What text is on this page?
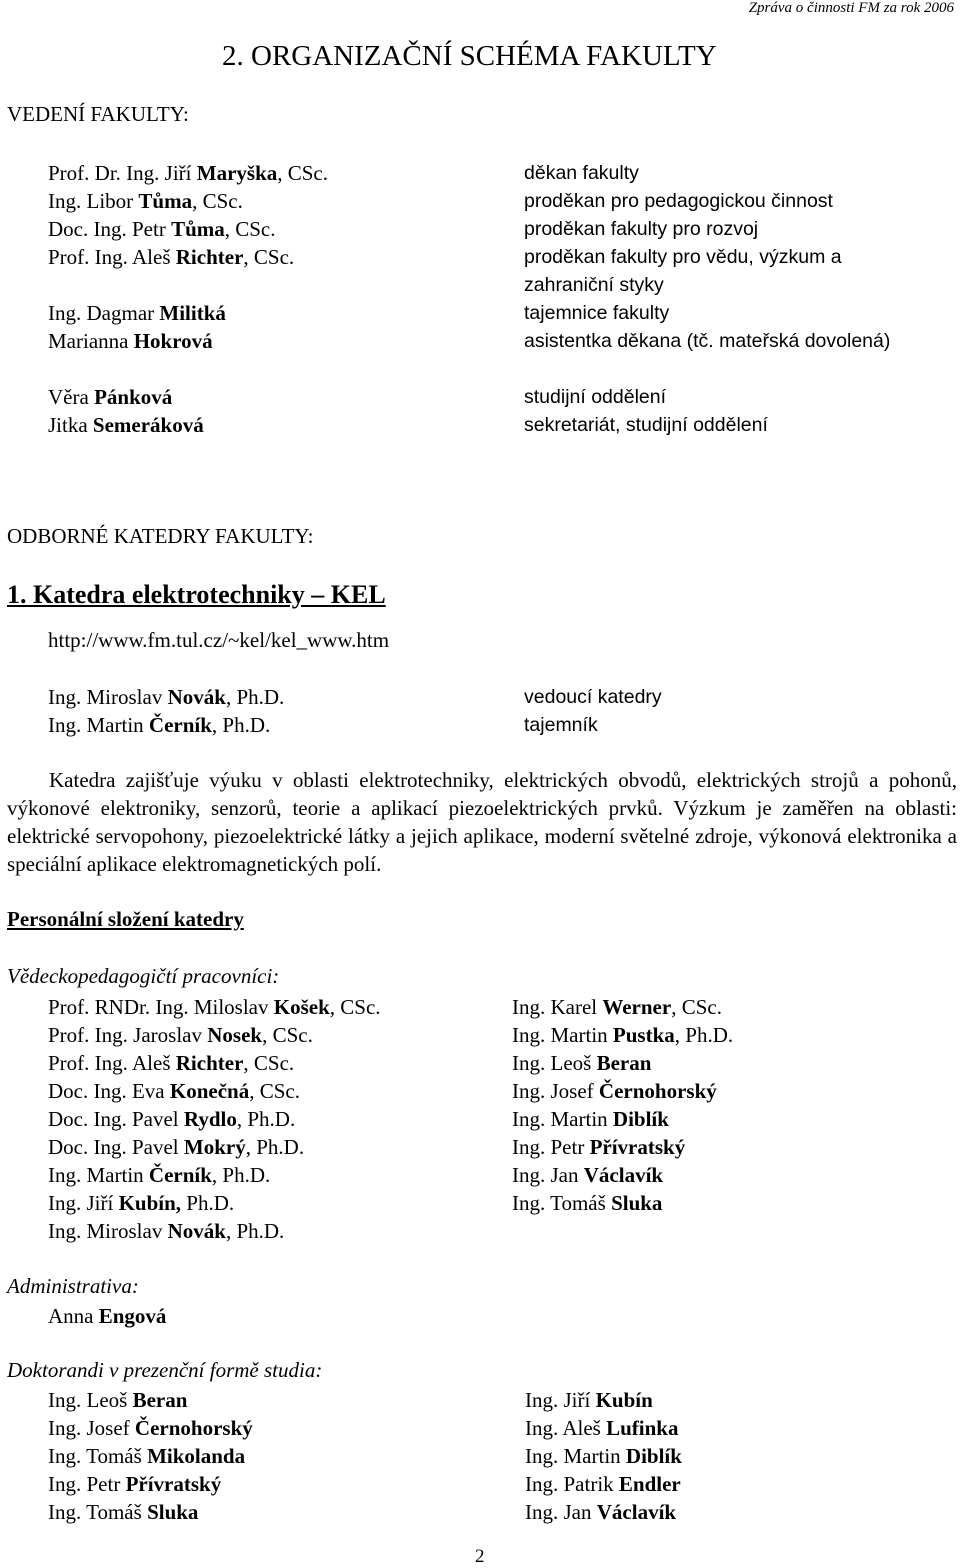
Zpráva o činnosti FM za rok 2006
2. ORGANIZAČNÍ SCHÉMA FAKULTY
VEDENÍ FAKULTY:
Prof. Dr. Ing. Jiří Maryška, CSc.
Ing. Libor Tůma, CSc.
Doc. Ing. Petr Tůma, CSc.
Prof. Ing. Aleš Richter, CSc.
Ing. Dagmar Militká
Marianna Hokrová
Věra Pánková
Jitka Semeráková
děkan fakulty
proděkan pro pedagogickou činnost
proděkan fakulty pro rozvoj
proděkan fakulty pro vědu, výzkum a
zahraniční styky
tajemnice fakulty
asistentka děkana (tč. mateřská dovolená)
studijní oddělení
sekretariát, studijní oddělení
ODBORNÉ KATEDRY FAKULTY:
1. Katedra elektrotechniky – KEL
http://www.fm.tul.cz/~kel/kel_www.htm
Ing. Miroslav Novák, Ph.D.
Ing. Martin Černík, Ph.D.
vedoucí katedry
tajemník
Katedra zajišťuje výuku v oblasti elektrotechniky, elektrických obvodů, elektrických strojů a pohonů, výkonové elektroniky, senzorů, teorie a aplikací piezoelektrických prvků. Výzkum je zaměřen na oblasti: elektrické servopohony, piezoelektrické látky a jejich aplikace, moderní světelné zdroje, výkonová elektronika a speciální aplikace elektromagnetických polí.
Personální složení katedry
Vědeckopedagogičtí pracovníci:
Prof. RNDr. Ing. Miloslav Košek, CSc.
Prof. Ing. Jaroslav Nosek, CSc.
Prof. Ing. Aleš Richter, CSc.
Doc. Ing. Eva Konečná, CSc.
Doc. Ing. Pavel Rydlo, Ph.D.
Doc. Ing. Pavel Mokrý, Ph.D.
Ing. Martin Černík, Ph.D.
Ing. Jiří Kubín, Ph.D.
Ing. Miroslav Novák, Ph.D.
Ing. Karel Werner, CSc.
Ing. Martin Pustka, Ph.D.
Ing. Leoš Beran
Ing. Josef Černohorský
Ing. Martin Diblík
Ing. Petr Přívratský
Ing. Jan Václavík
Ing. Tomáš Sluka
Administrativa:
Anna Engová
Doktorandi v prezenční formě studia:
Ing. Leoš Beran
Ing. Josef Černohorský
Ing. Tomáš Mikolanda
Ing. Petr Přívratský
Ing. Tomáš Sluka
Ing. Jiří Kubín
Ing. Aleš Lufinka
Ing. Martin Diblík
Ing. Patrik Endler
Ing. Jan Václavík
2
